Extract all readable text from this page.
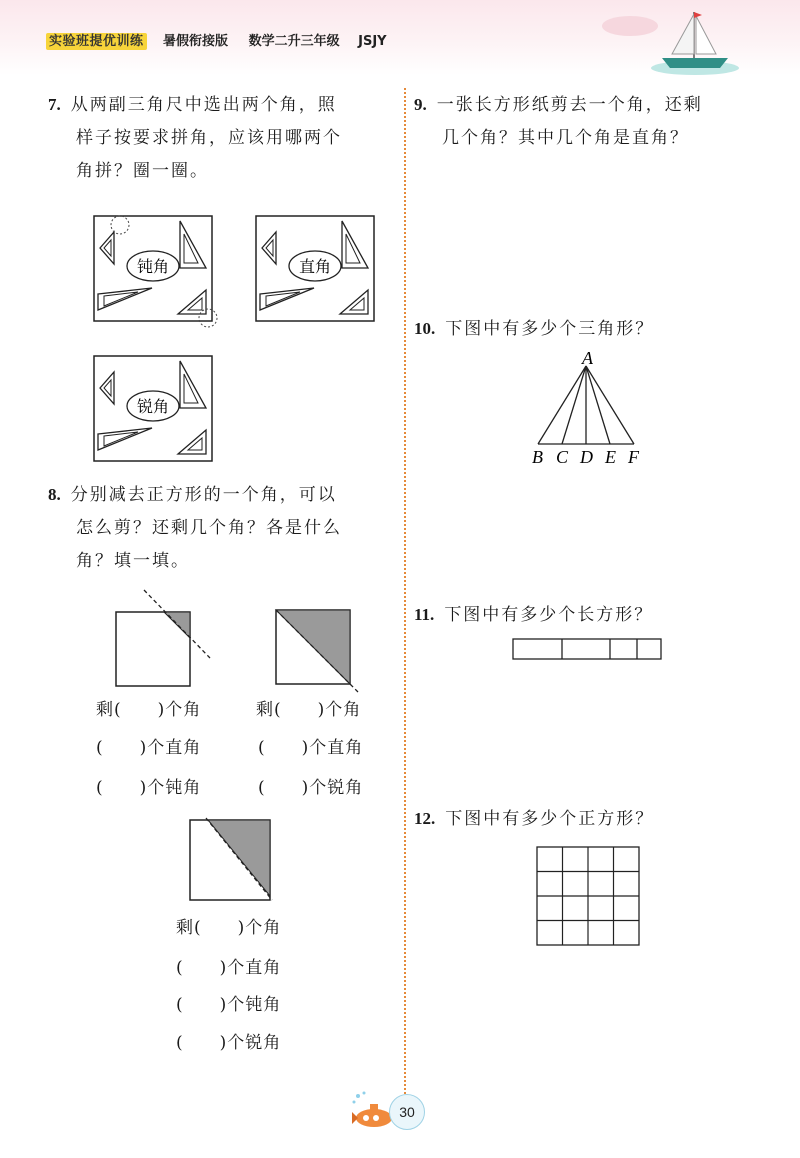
实验班提优训练 暑假衔接版 数学二升三年级 JSJY

7. 从两副三角尺中选出两个角，照

样子按要求拼角，应该用哪两个

角拼？圈一圈。

钝角	直角
锐角

8. 分别减去正方形的一个角，可以

怎么剪？还剩几个角？各是什么

角？填一填。

剩(　　)个角
(　　)个直角
(　　)个钝角
剩(　　)个角
(　　)个直角
(　　)个锐角
剩(　　)个角
(　　)个直角
(　　)个钝角
(　　)个锐角

9. 一张长方形纸剪去一个角，还剩

几个角？其中几个角是直角？

10. 下图中有多少个三角形？

A
B C D E F

11. 下图中有多少个长方形？

12. 下图中有多少个正方形？

30
